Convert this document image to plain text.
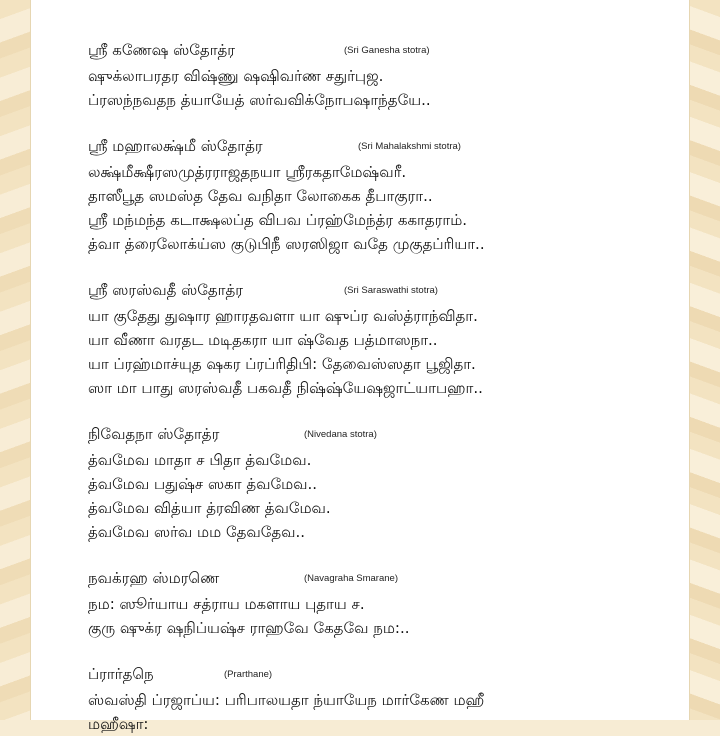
ஸ்ரீ கணேஷ ஸ்தோத்ர	(Sri Ganesha stotra)
ஷுக்லாபரதர விஷ்ணு ஷஷிவர்ண சதுர்புஜ.
ப்ரஸந்நவதந த்யாயேத் ஸர்வவிக்நோபஷாந்தயே..
ஸ்ரீ மஹாலக்ஷ்மீ ஸ்தோத்ர	(Sri Mahalakshmi stotra)
லக்ஷ்மீக்ஷீரஸமுத்ரராஜதநயா ஸ்ரீரகதாமேஷ்வரீ.
தாஸீபூத ஸமஸ்த தேவ வநிதா லோகைக தீபாகுரா..
ஸ்ரீ மந்மந்த கடாக்ஷலப்த விபவ ப்ரஹ்மேந்த்ர ககாதராம்.
த்வா த்ரைலோக்ய்ஸ குடுபிநீ ஸரஸிஜா வதே முகுதப்ரியா..
ஸ்ரீ ஸரஸ்வதீ ஸ்தோத்ர	(Sri Saraswathi stotra)
யா குதேது துஷார ஹாரதவளா யா ஷுப்ர வஸ்த்ராந்விதா.
யா வீணா வரதட மடிதகரா யா ஷ்வேத பத்மாஸநா..
யா ப்ரஹ்மாச்யுத ஷகர ப்ரப்ரிதிபி: தேவைஸ்ஸதா பூஜிதா.
ஸா மா பாது ஸரஸ்வதீ பகவதீ நிஷ்ஷ்யேஷஜாட்யாபஹா..
நிவேதநா ஸ்தோத்ர	(Nivedana stotra)
த்வமேவ மாதா ச பிதா த்வமேவ.
த்வமேவ பதுஷ்ச ஸகா த்வமேவ..
த்வமேவ வித்யா த்ரவிண த்வமேவ.
த்வமேவ ஸர்வ மம தேவதேவ..
நவக்ரஹ ஸ்மரணெ	(Navagraha Smarane)
நம: ஸூர்யாய சத்ராய மகளாய புதாய ச.
குரு ஷுக்ர ஷநிப்யஷ்ச ராஹவே கேதவே நம:..
ப்ரார்தநெ	(Prarthane)
ஸ்வஸ்தி ப்ரஜாப்ய: பரிபாலயதா ந்யாயேந மார்கேண மஹீ
மஹீஷா:
